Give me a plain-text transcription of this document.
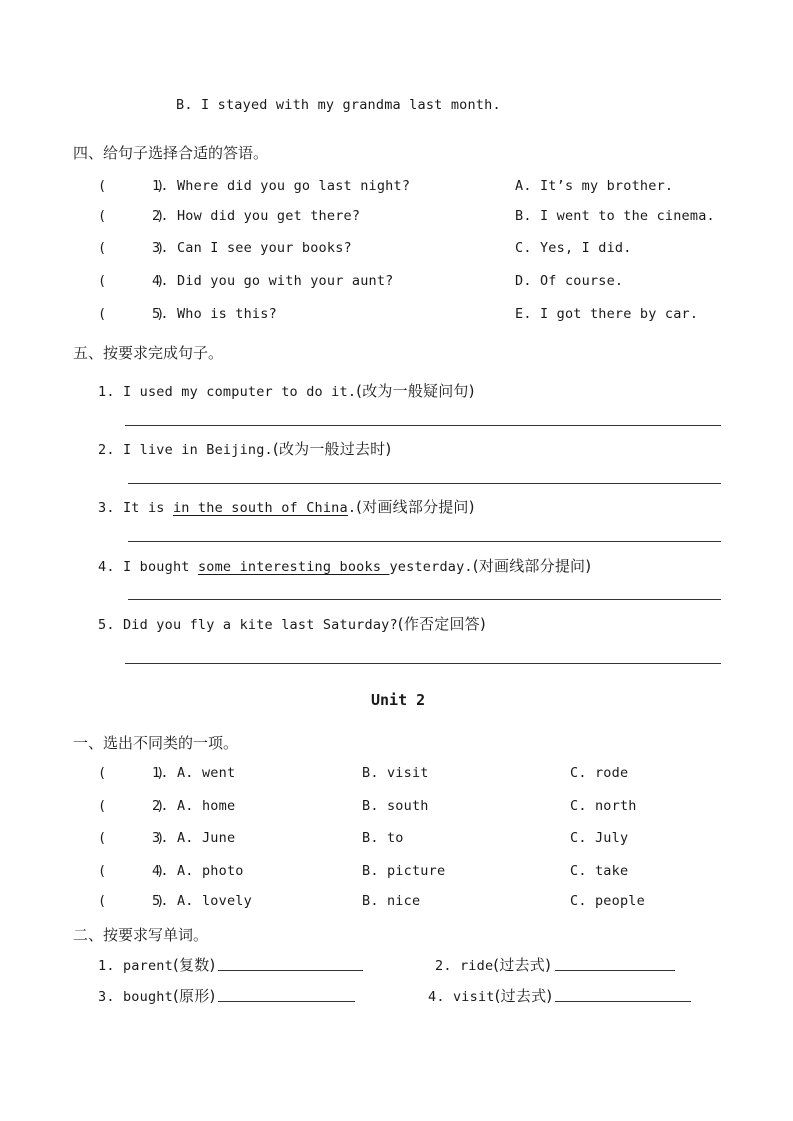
B. I stayed with my grandma last month.
四、给句子选择合适的答语。
(      )
1. Where did you go last night?	A. It’s my brother.
(      )
2. How did you get there?	B. I went to the cinema.
(      )
3. Can I see your books?	C. Yes, I did.
(      )
4. Did you go with your aunt?	D. Of course.
(      )
5. Who is this?	E. I got there by car.
五、按要求完成句子。
1. I used my computer to do it.(改为一般疑问句)
2. I live in Beijing.(改为一般过去时)
3. It is in the south of China.(对画线部分提问)
4. I bought some interesting books yesterday.(对画线部分提问)
5. Did you fly a kite last Saturday?(作否定回答)
Unit 2
一、选出不同类的一项。
(      )
1. A. went	B. visit	C. rode
(      )
2. A. home	B. south	C. north
(      )
3. A. June	B. to	C. July
(      )
4. A. photo	B. picture	C. take
(      )
5. A. lovely	B. nice	C. people
二、按要求写单词。
1. parent(复数)	2. ride(过去式)
3. bought(原形)	4. visit(过去式)
